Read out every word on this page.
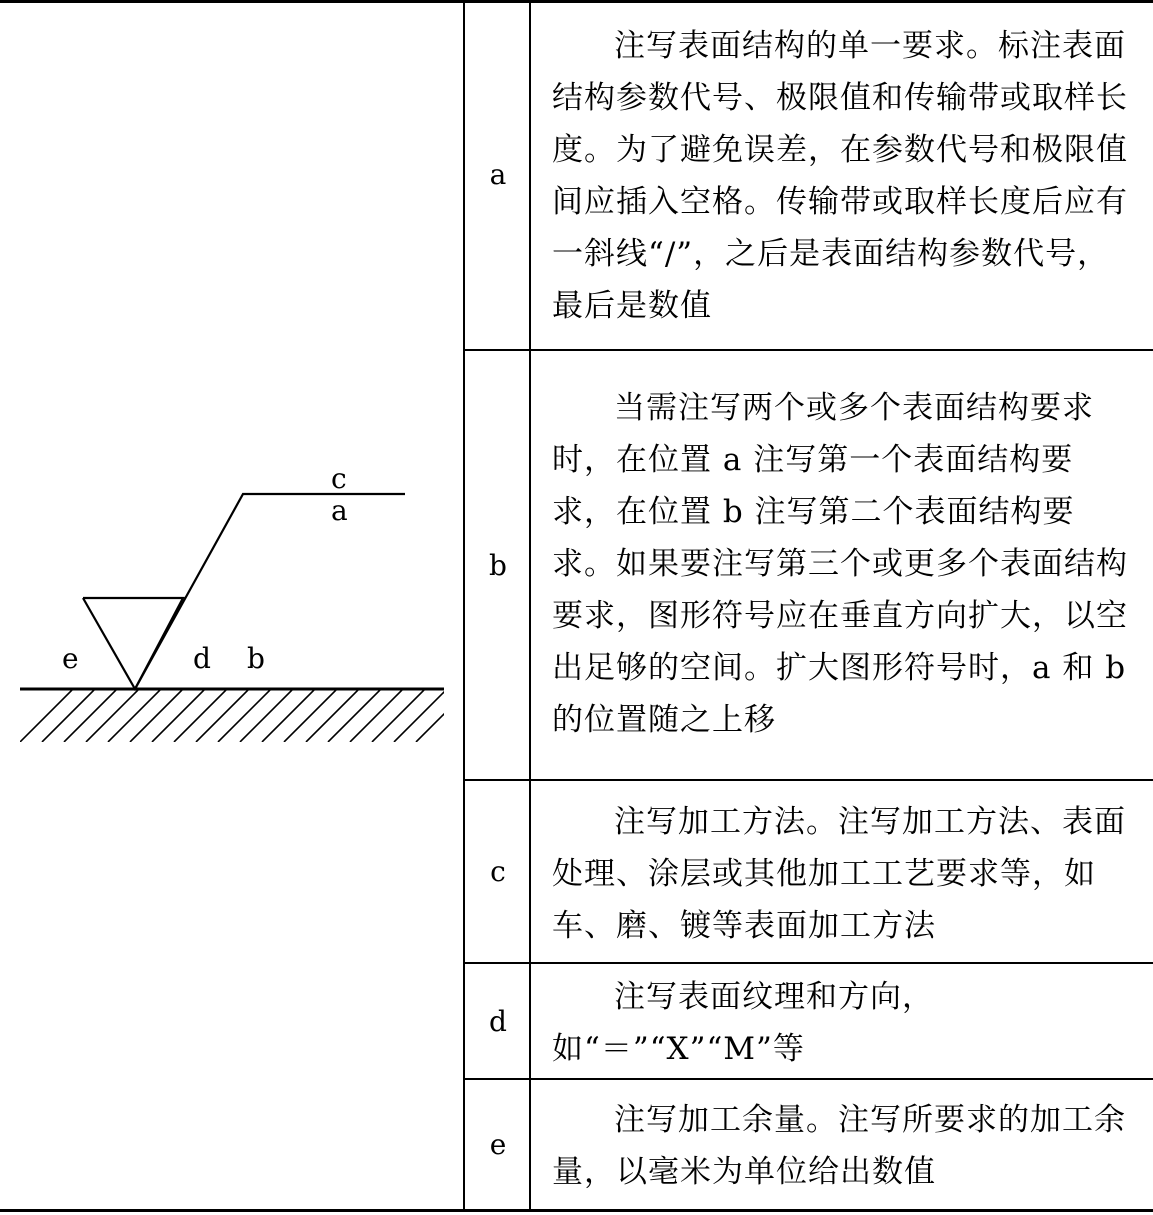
c
a
e	d b
a
注写表面结构的单一要求。标注表面结构参数代号、极限值和传输带或取样长度。为了避免误差，在参数代号和极限值间应插入空格。传输带或取样长度后应有一斜线“/”，之后是表面结构参数代号，最后是数值
b
当需注写两个或多个表面结构要求时，在位置 a 注写第一个表面结构要求，在位置 b 注写第二个表面结构要求。如果要注写第三个或更多个表面结构要求，图形符号应在垂直方向扩大，以空出足够的空间。扩大图形符号时，a 和 b 的位置随之上移
c
注写加工方法。注写加工方法、表面处理、涂层或其他加工工艺要求等，如车、磨、镀等表面加工方法
d
注写表面纹理和方向，如“＝”“X”“M”等
e
注写加工余量。注写所要求的加工余量，以毫米为单位给出数值
